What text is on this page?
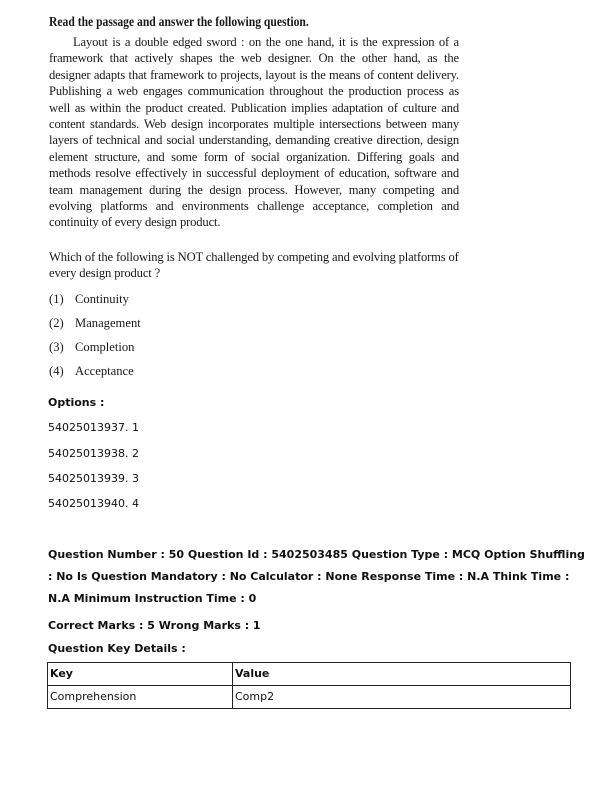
Read the passage and answer the following question.

Layout is a double edged sword : on the one hand, it is the expression of a framework that actively shapes the web designer. On the other hand, as the designer adapts that framework to projects, layout is the means of content delivery. Publishing a web engages communication throughout the production process as well as within the product created. Publication implies adaptation of culture and content standards. Web design incorporates multiple intersections between many layers of technical and social understanding, demanding creative direction, design element structure, and some form of social organization. Differing goals and methods resolve effectively in successful deployment of education, software and team management during the design process. However, many competing and evolving platforms and environments challenge acceptance, completion and continuity of every design product.

Which of the following is NOT challenged by competing and evolving platforms of every design product ?

(1) Continuity
(2) Management
(3) Completion
(4) Acceptance
Options :
54025013937. 1
54025013938. 2
54025013939. 3
54025013940. 4
Question Number : 50 Question Id : 5402503485 Question Type : MCQ Option Shuffling : No Is Question Mandatory : No Calculator : None Response Time : N.A Think Time : N.A Minimum Instruction Time : 0
Correct Marks : 5 Wrong Marks : 1
Question Key Details :
Key	Value
Comprehension	Comp2
